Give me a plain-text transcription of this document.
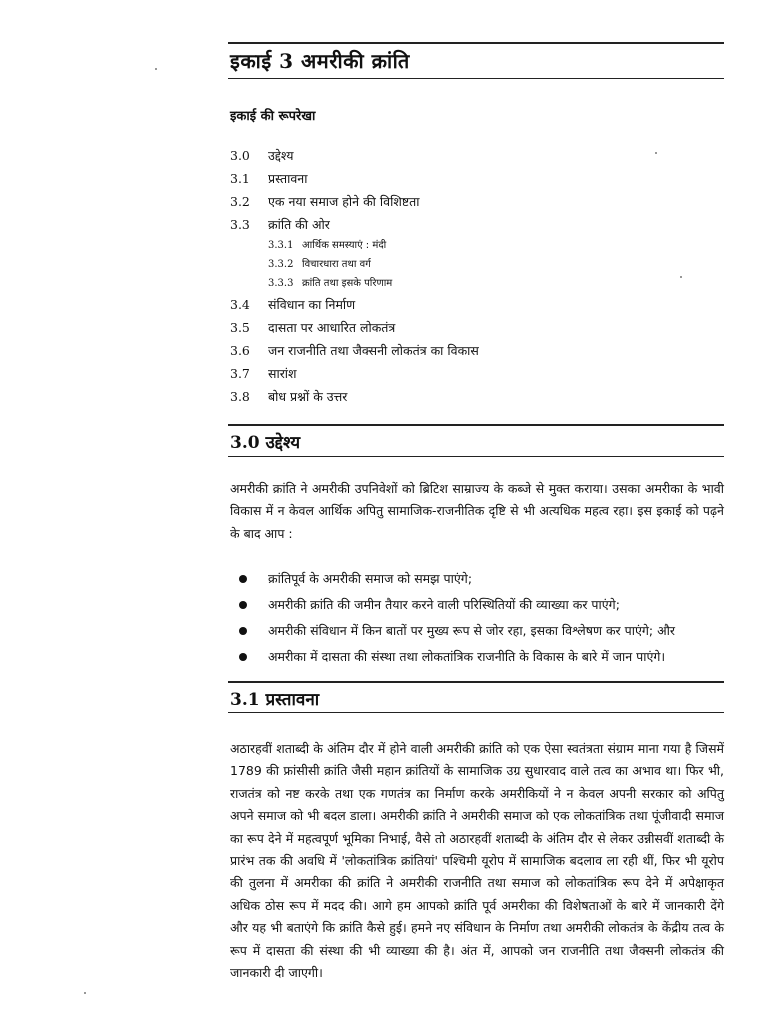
इकाई 3 अमरीकी क्रांति
इकाई की रूपरेखा
3.0 उद्देश्य
3.1 प्रस्तावना
3.2 एक नया समाज होने की विशिष्टता
3.3 क्रांति की ओर
3.3.1 आर्थिक समस्याएं : मंदी
3.3.2 विचारधारा तथा वर्ग
3.3.3 क्रांति तथा इसके परिणाम
3.4 संविधान का निर्माण
3.5 दासता पर आधारित लोकतंत्र
3.6 जन राजनीति तथा जैक्सनी लोकतंत्र का विकास
3.7 सारांश
3.8 बोध प्रश्नों के उत्तर
3.0 उद्देश्य

अमरीकी क्रांति ने अमरीकी उपनिवेशों को ब्रिटिश साम्राज्य के कब्जे से मुक्त कराया। उसका अमरीका के भावी विकास में न केवल आर्थिक अपितु सामाजिक-राजनीतिक दृष्टि से भी अत्यधिक महत्व रहा। इस इकाई को पढ़ने के बाद आप :

क्रांतिपूर्व के अमरीकी समाज को समझ पाएंगे;
अमरीकी क्रांति की जमीन तैयार करने वाली परिस्थितियों की व्याख्या कर पाएंगे;
अमरीकी संविधान में किन बातों पर मुख्य रूप से जोर रहा, इसका विश्लेषण कर पाएंगे; और
अमरीका में दासता की संस्था तथा लोकतांत्रिक राजनीति के विकास के बारे में जान पाएंगे।
3.1 प्रस्तावना

अठारहवीं शताब्दी के अंतिम दौर में होने वाली अमरीकी क्रांति को एक ऐसा स्वतंत्रता संग्राम माना गया है जिसमें 1789 की फ्रांसीसी क्रांति जैसी महान क्रांतियों के सामाजिक उग्र सुधारवाद वाले तत्व का अभाव था। फिर भी, राजतंत्र को नष्ट करके तथा एक गणतंत्र का निर्माण करके अमरीकियों ने न केवल अपनी सरकार को अपितु अपने समाज को भी बदल डाला। अमरीकी क्रांति ने अमरीकी समाज को एक लोकतांत्रिक तथा पूंजीवादी समाज का रूप देने में महत्वपूर्ण भूमिका निभाई, वैसे तो अठारहवीं शताब्दी के अंतिम दौर से लेकर उन्नीसवीं शताब्दी के प्रारंभ तक की अवधि में 'लोकतांत्रिक क्रांतियां' पश्चिमी यूरोप में सामाजिक बदलाव ला रही थीं, फिर भी यूरोप की तुलना में अमरीका की क्रांति ने अमरीकी राजनीति तथा समाज को लोकतांत्रिक रूप देने में अपेक्षाकृत अधिक ठोस रूप में मदद की। आगे हम आपको क्रांति पूर्व अमरीका की विशेषताओं के बारे में जानकारी देंगे और यह भी बताएंगे कि क्रांति कैसे हुई। हमने नए संविधान के निर्माण तथा अमरीकी लोकतंत्र के केंद्रीय तत्व के रूप में दासता की संस्था की भी व्याख्या की है। अंत में, आपको जन राजनीति तथा जैक्सनी लोकतंत्र की जानकारी दी जाएगी।
